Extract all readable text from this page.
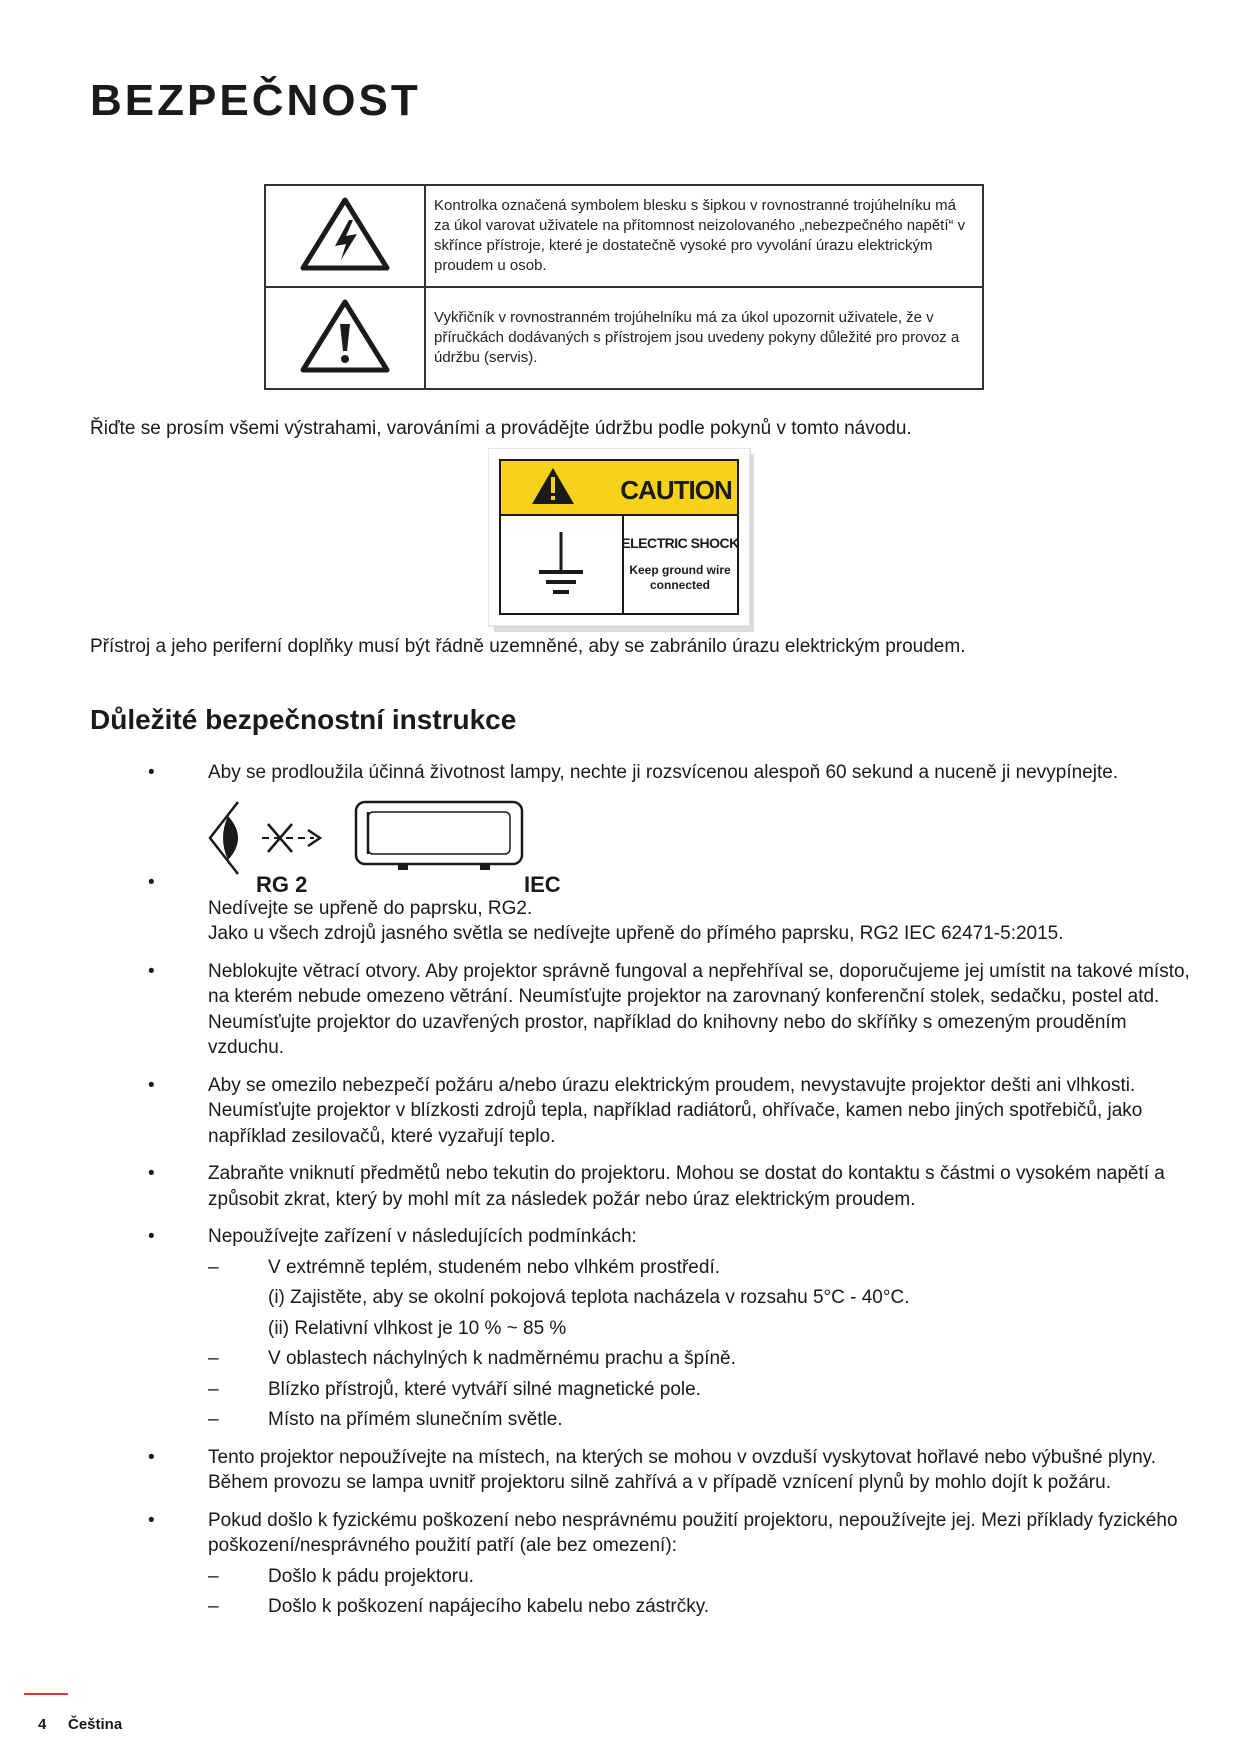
BEZPEČNOST
	Kontrolka označená symbolem blesku s šipkou v rovnostranné trojúhelníku má za úkol varovat uživatele na přítomnost neizolovaného „nebezpečného napětí“ v skřínce přístroje, které je dostatečně vysoké pro vyvolání úrazu elektrickým proudem u osob.
	Vykřičník v rovnostranném trojúhelníku má za úkol upozornit uživatele, že v příručkách dodávaných s přístrojem jsou uvedeny pokyny důležité pro provoz a údržbu (servis).

Řiďte se prosím všemi výstrahami, varováními a provádějte údržbu podle pokynů v tomto návodu.

CAUTION
ELECTRIC SHOCK
Keep ground wire
connected

Přístroj a jeho periferní doplňky musí být řádně uzemněné, aby se zabránilo úrazu elektrickým proudem.

Důležité bezpečnostní instrukce
•	Aby se prodloužila účinná životnost lampy, nechte ji rozsvícenou alespoň 60 sekund a nuceně ji nevypínejte.

•	RG 2	IEC

Nedívejte se upřeně do paprsku, RG2.

Jako u všech zdrojů jasného světla se nedívejte upřeně do přímého paprsku, RG2 IEC 62471-5:2015.

•	Neblokujte větrací otvory. Aby projektor správně fungoval a nepřehříval se, doporučujeme jej umístit na takové místo, na kterém nebude omezeno větrání. Neumísťujte projektor na zarovnaný konferenční stolek, sedačku, postel atd. Neumísťujte projektor do uzavřených prostor, například do knihovny nebo do skříňky s omezeným prouděním vzduchu.

•	Aby se omezilo nebezpečí požáru a/nebo úrazu elektrickým proudem, nevystavujte projektor dešti ani vlhkosti. Neumísťujte projektor v blízkosti zdrojů tepla, například radiátorů, ohřívače, kamen nebo jiných spotřebičů, jako například zesilovačů, které vyzařují teplo.

•	Zabraňte vniknutí předmětů nebo tekutin do projektoru. Mohou se dostat do kontaktu s částmi o vysokém napětí a způsobit zkrat, který by mohl mít za následek požár nebo úraz elektrickým proudem.

•	Nepoužívejte zařízení v následujících podmínkách:

–	V extrémně teplém, studeném nebo vlhkém prostředí.
(i) Zajistěte, aby se okolní pokojová teplota nacházela v rozsahu 5°C - 40°C.
(ii) Relativní vlhkost je 10 % ~ 85 %
–	V oblastech náchylných k nadměrnému prachu a špíně.
–	Blízko přístrojů, které vytváří silné magnetické pole.
–	Místo na přímém slunečním světle.
•	Tento projektor nepoužívejte na místech, na kterých se mohou v ovzduší vyskytovat hořlavé nebo výbušné plyny. Během provozu se lampa uvnitř projektoru silně zahřívá a v případě vznícení plynů by mohlo dojít k požáru.

•	Pokud došlo k fyzickému poškození nebo nesprávnému použití projektoru, nepoužívejte jej. Mezi příklady fyzického poškození/nesprávného použití patří (ale bez omezení):

–	Došlo k pádu projektoru.
–	Došlo k poškození napájecího kabelu nebo zástrčky.
4 Čeština
